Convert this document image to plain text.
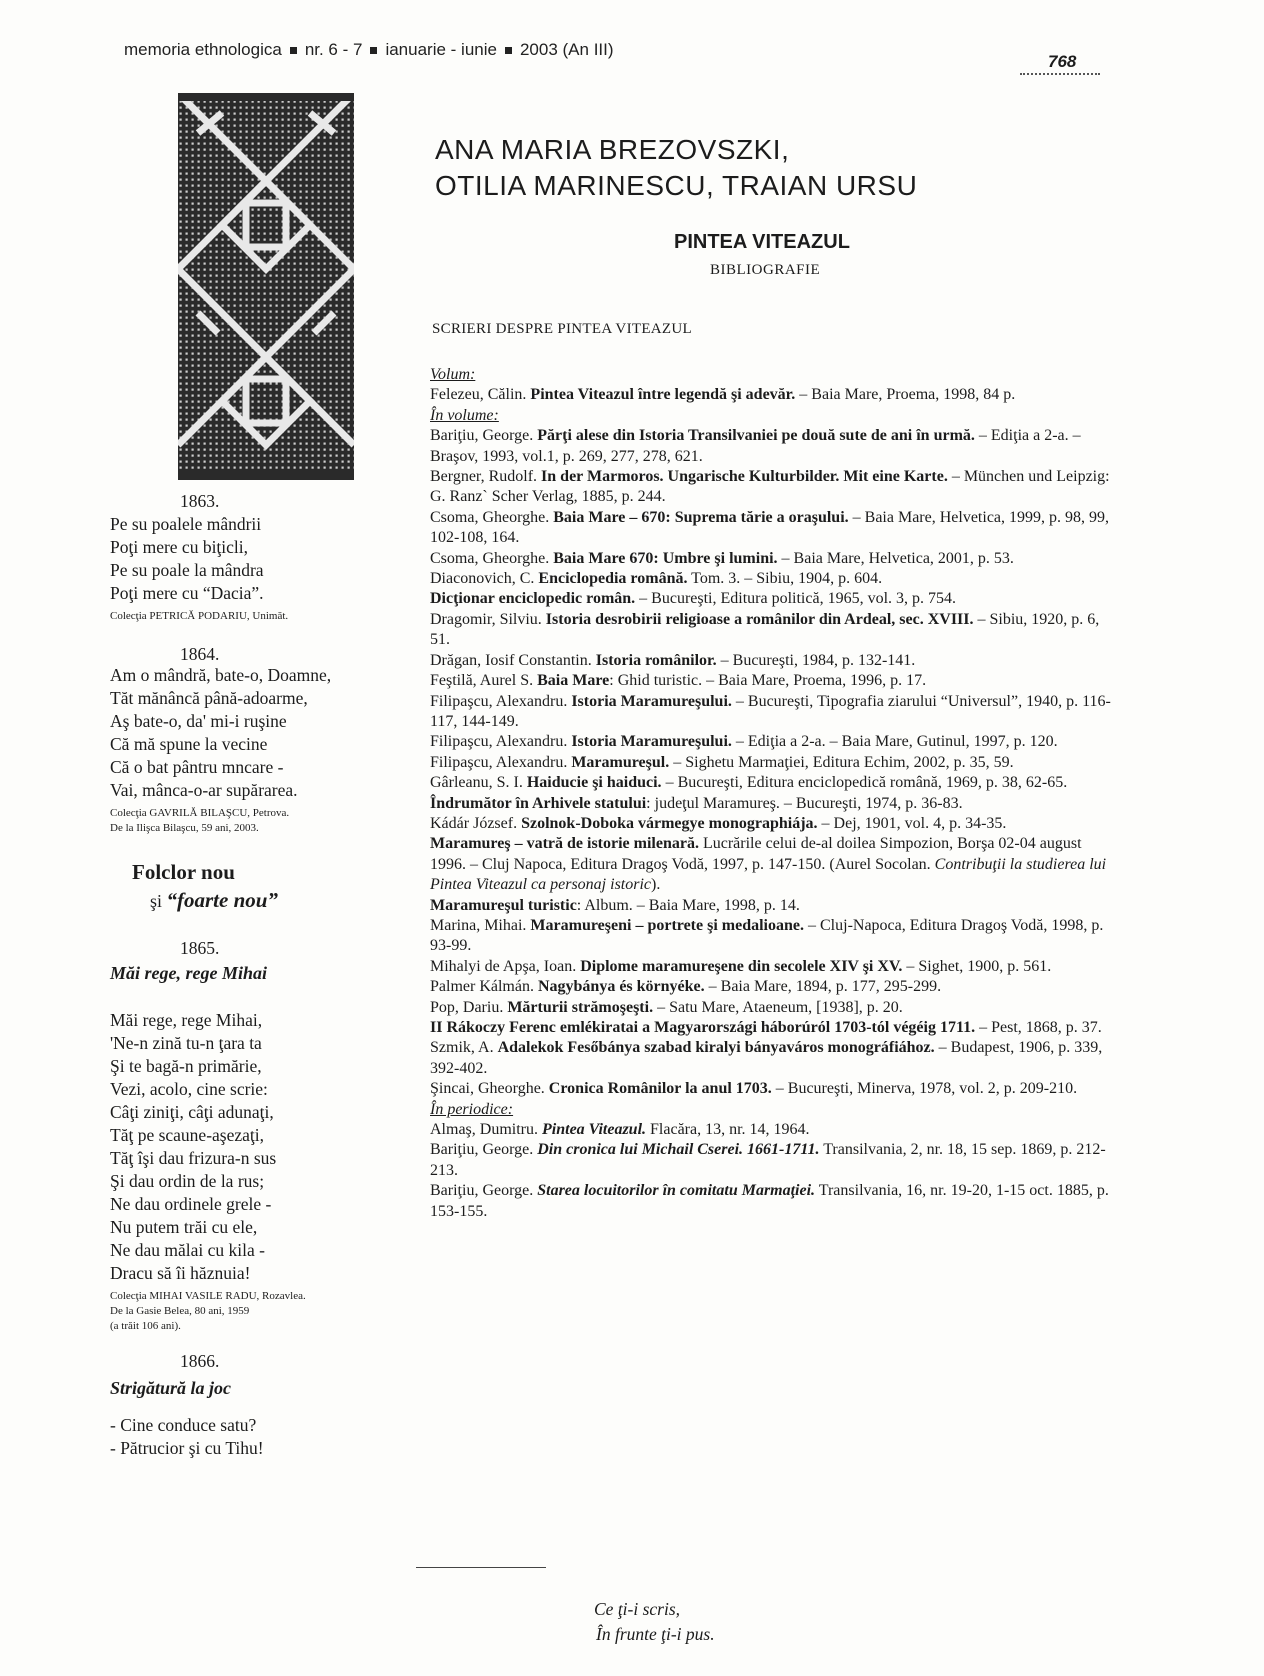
memoria ethnologica nr. 6 - 7 ianuarie - iunie 2003 (An III)
768

1863.

Pe su poalele mândrii

Poţi mere cu biţicli,

Pe su poale la mândra

Poţi mere cu “Dacia”.

Colecţia PETRICĂ PODARIU, Unimăt.

1864.

Am o mândră, bate-o, Doamne,

Tăt mănâncă până-adoarme,

Aş bate-o, da' mi-i ruşine

Că mă spune la vecine

Că o bat pântru mncare -

Vai, mânca-o-ar supărarea.

Colecţia GAVRILĂ BILAŞCU, Petrova.

De la Ilişca Bilaşcu, 59 ani, 2003.

Folclor nou

şi “foarte nou”

1865.

Măi rege, rege Mihai

Măi rege, rege Mihai,

'Ne-n zină tu-n ţara ta

Şi te bagă-n primărie,

Vezi, acolo, cine scrie:

Câţi ziniţi, câţi adunaţi,

Tăţ pe scaune-aşezaţi,

Tăţ îşi dau frizura-n sus

Şi dau ordin de la rus;

Ne dau ordinele grele -

Nu putem trăi cu ele,

Ne dau mălai cu kila -

Dracu să îi hăznuia!

Colecţia MIHAI VASILE RADU, Rozavlea.

De la Gasie Belea, 80 ani, 1959

(a trăit 106 ani).

1866.

Strigătură la joc

- Cine conduce satu?

- Pătrucior şi cu Tihu!

ANA MARIA BREZOVSZKI,

OTILIA MARINESCU, TRAIAN URSU

PINTEA VITEAZUL
BIBLIOGRAFIE
SCRIERI DESPRE PINTEA VITEAZUL

Volum:

Felezeu, Călin. Pintea Viteazul între legendă şi adevăr. – Baia Mare, Proema, 1998, 84 p.

În volume:

Bariţiu, George. Părţi alese din Istoria Transilvaniei pe două sute de ani în urmă. – Ediţia a 2-a. – Braşov, 1993, vol.1, p. 269, 277, 278, 621.

Bergner, Rudolf. In der Marmoros. Ungarische Kulturbilder. Mit eine Karte. – München und Leipzig: G. Ranz` Scher Verlag, 1885, p. 244.

Csoma, Gheorghe. Baia Mare – 670: Suprema tărie a oraşului. – Baia Mare, Helvetica, 1999, p. 98, 99, 102-108, 164.

Csoma, Gheorghe. Baia Mare 670: Umbre şi lumini. – Baia Mare, Helvetica, 2001, p. 53.

Diaconovich, C. Enciclopedia română. Tom. 3. – Sibiu, 1904, p. 604.

Dicţionar enciclopedic român. – Bucureşti, Editura politică, 1965, vol. 3, p. 754.

Dragomir, Silviu. Istoria desrobirii religioase a românilor din Ardeal, sec. XVIII. – Sibiu, 1920, p. 6, 51.

Drăgan, Iosif Constantin. Istoria românilor. – Bucureşti, 1984, p. 132-141.

Feştilă, Aurel S. Baia Mare: Ghid turistic. – Baia Mare, Proema, 1996, p. 17.

Filipaşcu, Alexandru. Istoria Maramureşului. – Bucureşti, Tipografia ziarului “Universul”, 1940, p. 116-117, 144-149.

Filipaşcu, Alexandru. Istoria Maramureşului. – Ediţia a 2-a. – Baia Mare, Gutinul, 1997, p. 120.

Filipaşcu, Alexandru. Maramureşul. – Sighetu Marmaţiei, Editura Echim, 2002, p. 35, 59.

Gârleanu, S. I. Haiducie şi haiduci. – Bucureşti, Editura enciclopedică română, 1969, p. 38, 62-65.

Îndrumător în Arhivele statului: judeţul Maramureş. – Bucureşti, 1974, p. 36-83.

Kádár József. Szolnok-Doboka vármegye monographiája. – Dej, 1901, vol. 4, p. 34-35.

Maramureş – vatră de istorie milenară. Lucrările celui de-al doilea Simpozion, Borşa 02-04 august 1996. – Cluj Napoca, Editura Dragoş Vodă, 1997, p. 147-150. (Aurel Socolan. Contribuţii la studierea lui Pintea Viteazul ca personaj istoric).

Maramureşul turistic: Album. – Baia Mare, 1998, p. 14.

Marina, Mihai. Maramureşeni – portrete şi medalioane. – Cluj-Napoca, Editura Dragoş Vodă, 1998, p. 93-99.

Mihalyi de Apşa, Ioan. Diplome maramureşene din secolele XIV şi XV. – Sighet, 1900, p. 561.

Palmer Kálmán. Nagybánya és környéke. – Baia Mare, 1894, p. 177, 295-299.

Pop, Dariu. Mărturii strămoşeşti. – Satu Mare, Ataeneum, [1938], p. 20.

II Rákoczy Ferenc emlékiratai a Magyarországi háborúról 1703-tól végéig 1711. – Pest, 1868, p. 37.

Szmik, A. Adalekok Fesőbánya szabad kiralyi bányaváros monográfiához. – Budapest, 1906, p. 339, 392-402.

Şincai, Gheorghe. Cronica Românilor la anul 1703. – Bucureşti, Minerva, 1978, vol. 2, p. 209-210.

În periodice:

Almaş, Dumitru. Pintea Viteazul. Flacăra, 13, nr. 14, 1964.

Bariţiu, George. Din cronica lui Michail Cserei. 1661-1711. Transilvania, 2, nr. 18, 15 sep. 1869, p. 212-213.

Bariţiu, George. Starea locuitorilor în comitatu Marmaţiei. Transilvania, 16, nr. 19-20, 1-15 oct. 1885, p. 153-155.

Ce ţi-i scris,

În frunte ţi-i pus.
